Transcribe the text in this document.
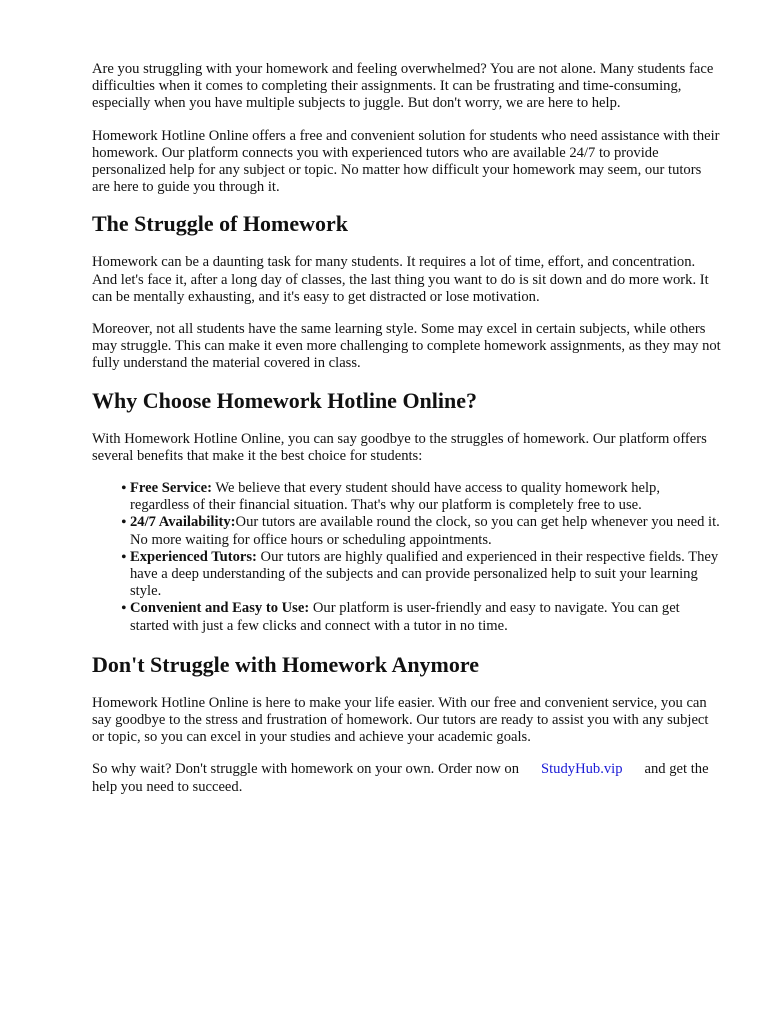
Are you struggling with your homework and feeling overwhelmed? You are not alone. Many students face difficulties when it comes to completing their assignments. It can be frustrating and time-consuming, especially when you have multiple subjects to juggle. But don't worry, we are here to help.

Homework Hotline Online offers a free and convenient solution for students who need assistance with their homework. Our platform connects you with experienced tutors who are available 24/7 to provide personalized help for any subject or topic. No matter how difficult your homework may seem, our tutors are here to guide you through it.

The Struggle of Homework

Homework can be a daunting task for many students. It requires a lot of time, effort, and concentration. And let's face it, after a long day of classes, the last thing you want to do is sit down and do more work. It can be mentally exhausting, and it's easy to get distracted or lose motivation.

Moreover, not all students have the same learning style. Some may excel in certain subjects, while others may struggle. This can make it even more challenging to complete homework assignments, as they may not fully understand the material covered in class.

Why Choose Homework Hotline Online?

With Homework Hotline Online, you can say goodbye to the struggles of homework. Our platform offers several benefits that make it the best choice for students:

• Free Service: We believe that every student should have access to quality homework help, regardless of their financial situation. That's why our platform is completely free to use.
• 24/7 Availability:Our tutors are available round the clock, so you can get help whenever you need it. No more waiting for office hours or scheduling appointments.
• Experienced Tutors: Our tutors are highly qualified and experienced in their respective fields. They have a deep understanding of the subjects and can provide personalized help to suit your learning style.
• Convenient and Easy to Use: Our platform is user-friendly and easy to navigate. You can get started with just a few clicks and connect with a tutor in no time.
Don't Struggle with Homework Anymore

Homework Hotline Online is here to make your life easier. With our free and convenient service, you can say goodbye to the stress and frustration of homework. Our tutors are ready to assist you with any subject or topic, so you can excel in your studies and achieve your academic goals.

So why wait? Don't struggle with homework on your own. Order now on StudyHub.vip and get the help you need to succeed.
